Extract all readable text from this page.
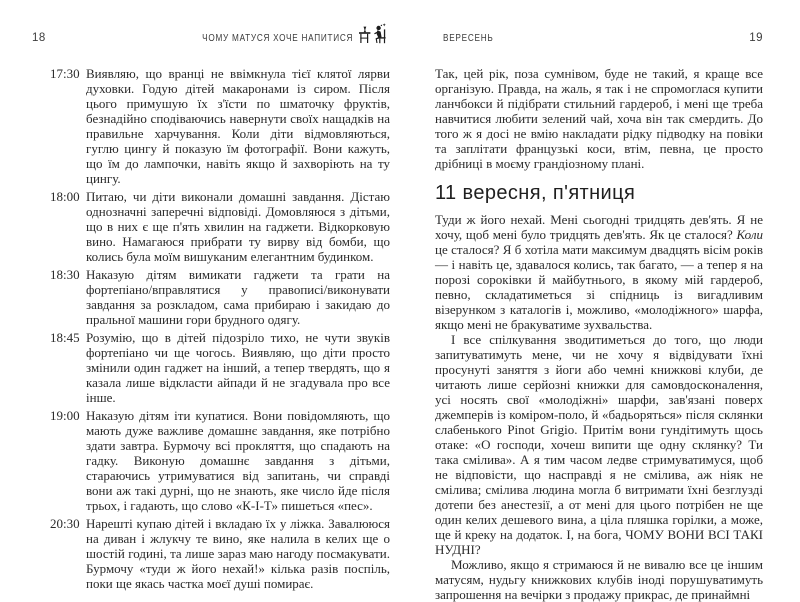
18	ЧОМУ МАТУСЯ ХОЧЕ НАПИТИСЯ
17:30 Виявляю, що вранці не ввімкнула тієї клятої лярви духовки. Годую дітей макаронами із сиром. Після цього примушую їх з'їсти по шматочку фруктів, безнадійно сподіваючись навернути своїх нащадків на правильне харчування. Коли діти відмовляються, гуглю цингу й показую їм фотографії. Вони кажуть, що їм до лампочки, навіть якщо й захворіють на ту цингу.
18:00 Питаю, чи діти виконали домашні завдання. Дістаю однозначні заперечні відповіді. Домовляюся з дітьми, що в них є ще п'ять хвилин на гаджети. Відкорковую вино. Намагаюся прибрати ту вирву від бомби, що колись була моїм вишуканим елегантним будинком.
18:30 Наказую дітям вимикати гаджети та грати на фортепіано/вправлятися у правописі/виконувати завдання за розкладом, сама прибираю і закидаю до пральної машини гори брудного одягу.
18:45 Розумію, що в дітей підозріло тихо, не чути звуків фортепіано чи ще чогось. Виявляю, що діти просто змінили один гаджет на інший, а тепер твердять, що я казала лише відкласти айпади й не згадувала про все інше.
19:00 Наказую дітям іти купатися. Вони повідомляють, що мають дуже важливе домашнє завдання, яке потрібно здати завтра. Бурмочу всі прокляття, що спадають на гадку. Виконую домашнє завдання з дітьми, стараючись утримуватися від запитань, чи справді вони аж такі дурні, що не знають, яке число йде після трьох, і гадають, що слово «К-І-Т» пишеться «пес».
20:30 Нарешті купаю дітей і вкладаю їх у ліжка. Завалююся на диван і жлукчу те вино, яке налила в келих ще о шостій годині, та лише зараз маю нагоду посмакувати. Бурмочу «туди ж його нехай!» кілька разів поспіль, поки ще якась частка моєї душі помирає.
ВЕРЕСЕНЬ	19

Так, цей рік, поза сумнівом, буде не такий, я краще все організую. Правда, на жаль, я так і не спромоглася купити ланчбокси й підібрати стильний гардероб, і мені ще треба навчитися любити зелений чай, хоча він так смердить. До того ж я досі не вмію накладати рідку підводку на повіки та заплітати французькі коси, втім, певна, це просто дрібниці в моєму грандіозному плані.

11 вересня, п'ятниця

Туди ж його нехай. Мені сьогодні тридцять дев'ять. Я не хочу, щоб мені було тридцять дев'ять. Як це сталося? Коли це сталося? Я б хотіла мати максимум двадцять вісім років — і навіть це, здавалося колись, так багато, — а тепер я на порозі сороківки й майбутнього, в якому мій гардероб, певно, складатиметься зі спідниць із вигадливим візерунком з каталогів і, можливо, «молодіжного» шарфа, якщо мені не бракуватиме зухвальства.

І все спілкування зводитиметься до того, що люди запитуватимуть мене, чи не хочу я відвідувати їхні просунуті заняття з йоги або чемні книжкові клуби, де читають лише серйозні книжки для самовдосконалення, усі носять свої «молодіжні» шарфи, зав'язані поверх джемперів із коміром-поло, й «бадьоряться» після склянки слабенького Pinot Grigio. Притім вони гундітимуть щось отаке: «О господи, хочеш випити ще одну склянку? Ти така смілива». А я тим часом ледве стримуватимуся, щоб не відповісти, що насправді я не смілива, аж ніяк не смілива; смілива людина могла б витримати їхні безглузді дотепи без анестезії, а от мені для цього потрібен не ще один келих дешевого вина, а ціла пляшка горілки, а може, ще й креку на додаток. І, на бога, ЧОМУ ВОНИ ВСІ ТАКІ НУДНІ?

Можливо, якщо я стримаюся й не вивалю все це іншим матусям, нудьгу книжкових клубів іноді порушуватимуть запрошення на вечірки з продажу прикрас, де принаймні
